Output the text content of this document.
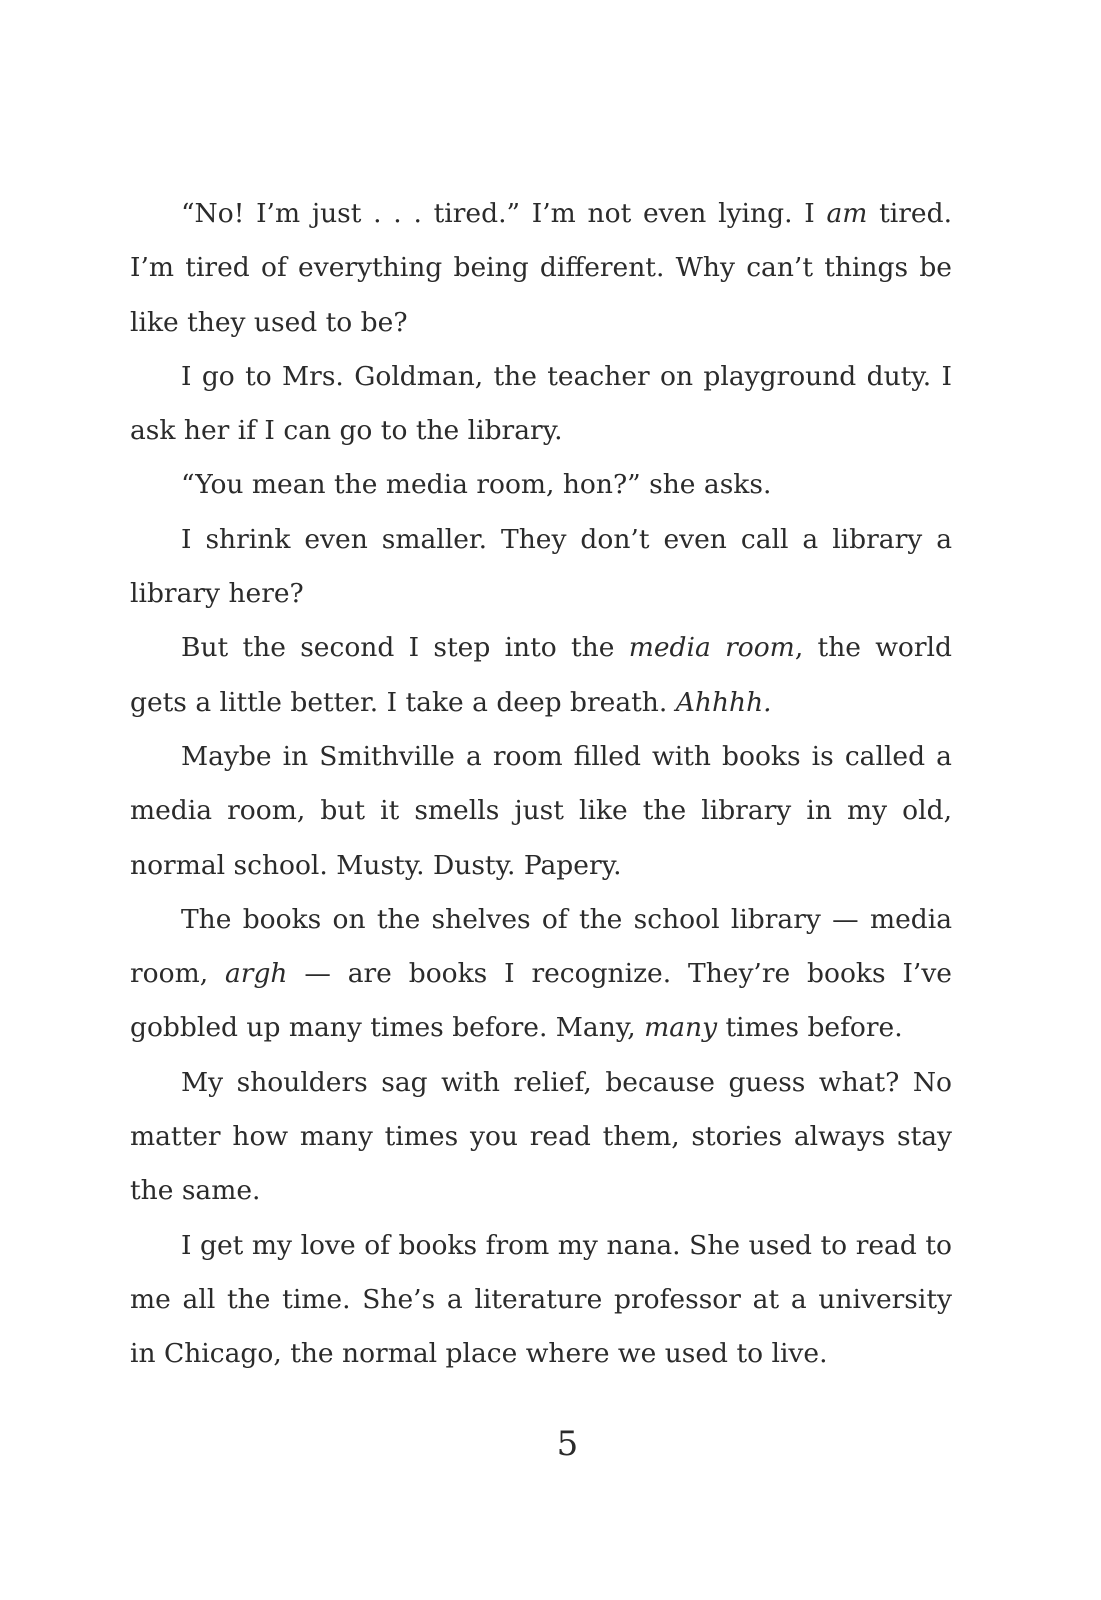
“No! I’m just . . . tired.” I’m not even lying. I am tired. I’m tired of everything being different. Why can’t things be like they used to be?

I go to Mrs. Goldman, the teacher on playground duty. I ask her if I can go to the library.

“You mean the media room, hon?” she asks.

I shrink even smaller. They don’t even call a library a library here?

But the second I step into the media room, the world gets a little better. I take a deep breath. Ahhhh.

Maybe in Smithville a room filled with books is called a media room, but it smells just like the library in my old, normal school. Musty. Dusty. Papery.

The books on the shelves of the school library — media room, argh — are books I recognize. They’re books I’ve gobbled up many times before. Many, many times before.

My shoulders sag with relief, because guess what? No matter how many times you read them, stories always stay the same.

I get my love of books from my nana. She used to read to me all the time. She’s a literature professor at a university in Chicago, the normal place where we used to live.

5
